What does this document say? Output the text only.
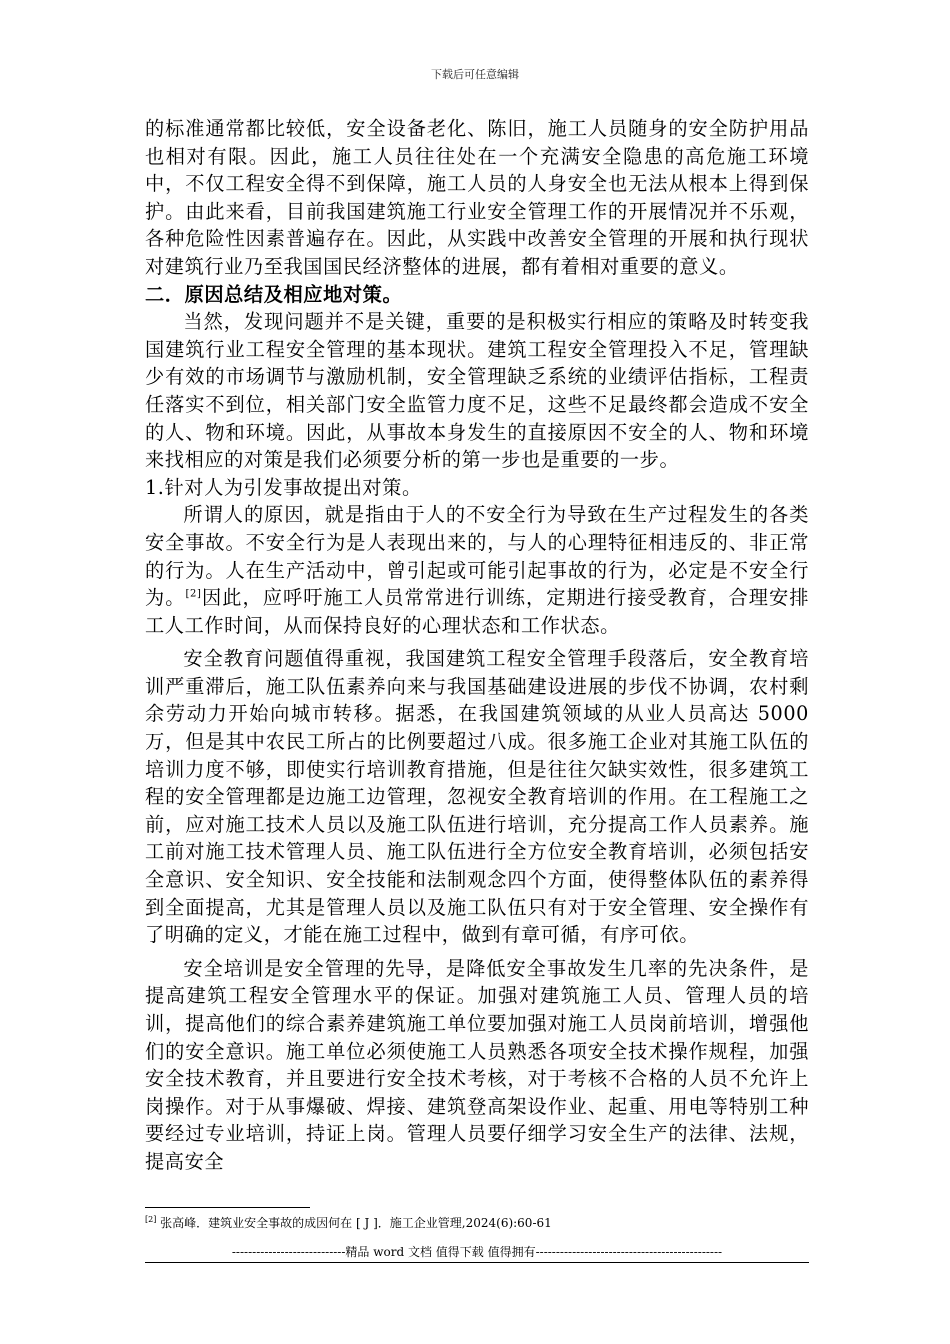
下载后可任意编辑

的标准通常都比较低，安全设备老化、陈旧，施工人员随身的安全防护用品也相对有限。因此，施工人员往往处在一个充满安全隐患的高危施工环境中，不仅工程安全得不到保障，施工人员的人身安全也无法从根本上得到保护。由此来看，目前我国建筑施工行业安全管理工作的开展情况并不乐观，各种危险性因素普遍存在。因此，从实践中改善安全管理的开展和执行现状对建筑行业乃至我国国民经济整体的进展，都有着相对重要的意义。

二．原因总结及相应地对策。

当然，发现问题并不是关键，重要的是积极实行相应的策略及时转变我国建筑行业工程安全管理的基本现状。建筑工程安全管理投入不足，管理缺少有效的市场调节与激励机制，安全管理缺乏系统的业绩评估指标，工程责任落实不到位，相关部门安全监管力度不足，这些不足最终都会造成不安全的人、物和环境。因此，从事故本身发生的直接原因不安全的人、物和环境来找相应的对策是我们必须要分析的第一步也是重要的一步。

1.针对人为引发事故提出对策。

所谓人的原因，就是指由于人的不安全行为导致在生产过程发生的各类安全事故。不安全行为是人表现出来的，与人的心理特征相违反的、非正常的行为。人在生产活动中，曾引起或可能引起事故的行为，必定是不安全行为。[2]因此，应呼吁施工人员常常进行训练，定期进行接受教育，合理安排工人工作时间，从而保持良好的心理状态和工作状态。

安全教育问题值得重视，我国建筑工程安全管理手段落后，安全教育培训严重滞后，施工队伍素养向来与我国基础建设进展的步伐不协调，农村剩余劳动力开始向城市转移。据悉，在我国建筑领域的从业人员高达 5000 万，但是其中农民工所占的比例要超过八成。很多施工企业对其施工队伍的培训力度不够，即使实行培训教育措施，但是往往欠缺实效性，很多建筑工程的安全管理都是边施工边管理，忽视安全教育培训的作用。在工程施工之前，应对施工技术人员以及施工队伍进行培训，充分提高工作人员素养。施工前对施工技术管理人员、施工队伍进行全方位安全教育培训，必须包括安全意识、安全知识、安全技能和法制观念四个方面，使得整体队伍的素养得到全面提高，尤其是管理人员以及施工队伍只有对于安全管理、安全操作有了明确的定义，才能在施工过程中，做到有章可循，有序可依。

安全培训是安全管理的先导，是降低安全事故发生几率的先决条件，是提高建筑工程安全管理水平的保证。加强对建筑施工人员、管理人员的培训，提高他们的综合素养建筑施工单位要加强对施工人员岗前培训，增强他们的安全意识。施工单位必须使施工人员熟悉各项安全技术操作规程，加强安全技术教育，并且要进行安全技术考核，对于考核不合格的人员不允许上岗操作。对于从事爆破、焊接、建筑登高架设作业、起重、用电等特别工种要经过专业培训，持证上岗。管理人员要仔细学习安全生产的法律、法规，提高安全

[2] 张高峰．建筑业安全事故的成因何在 [ J ]．施工企业管理,2024(6):60-61
----------------------------精品 word 文档 值得下载 值得拥有----------------------------------------------
